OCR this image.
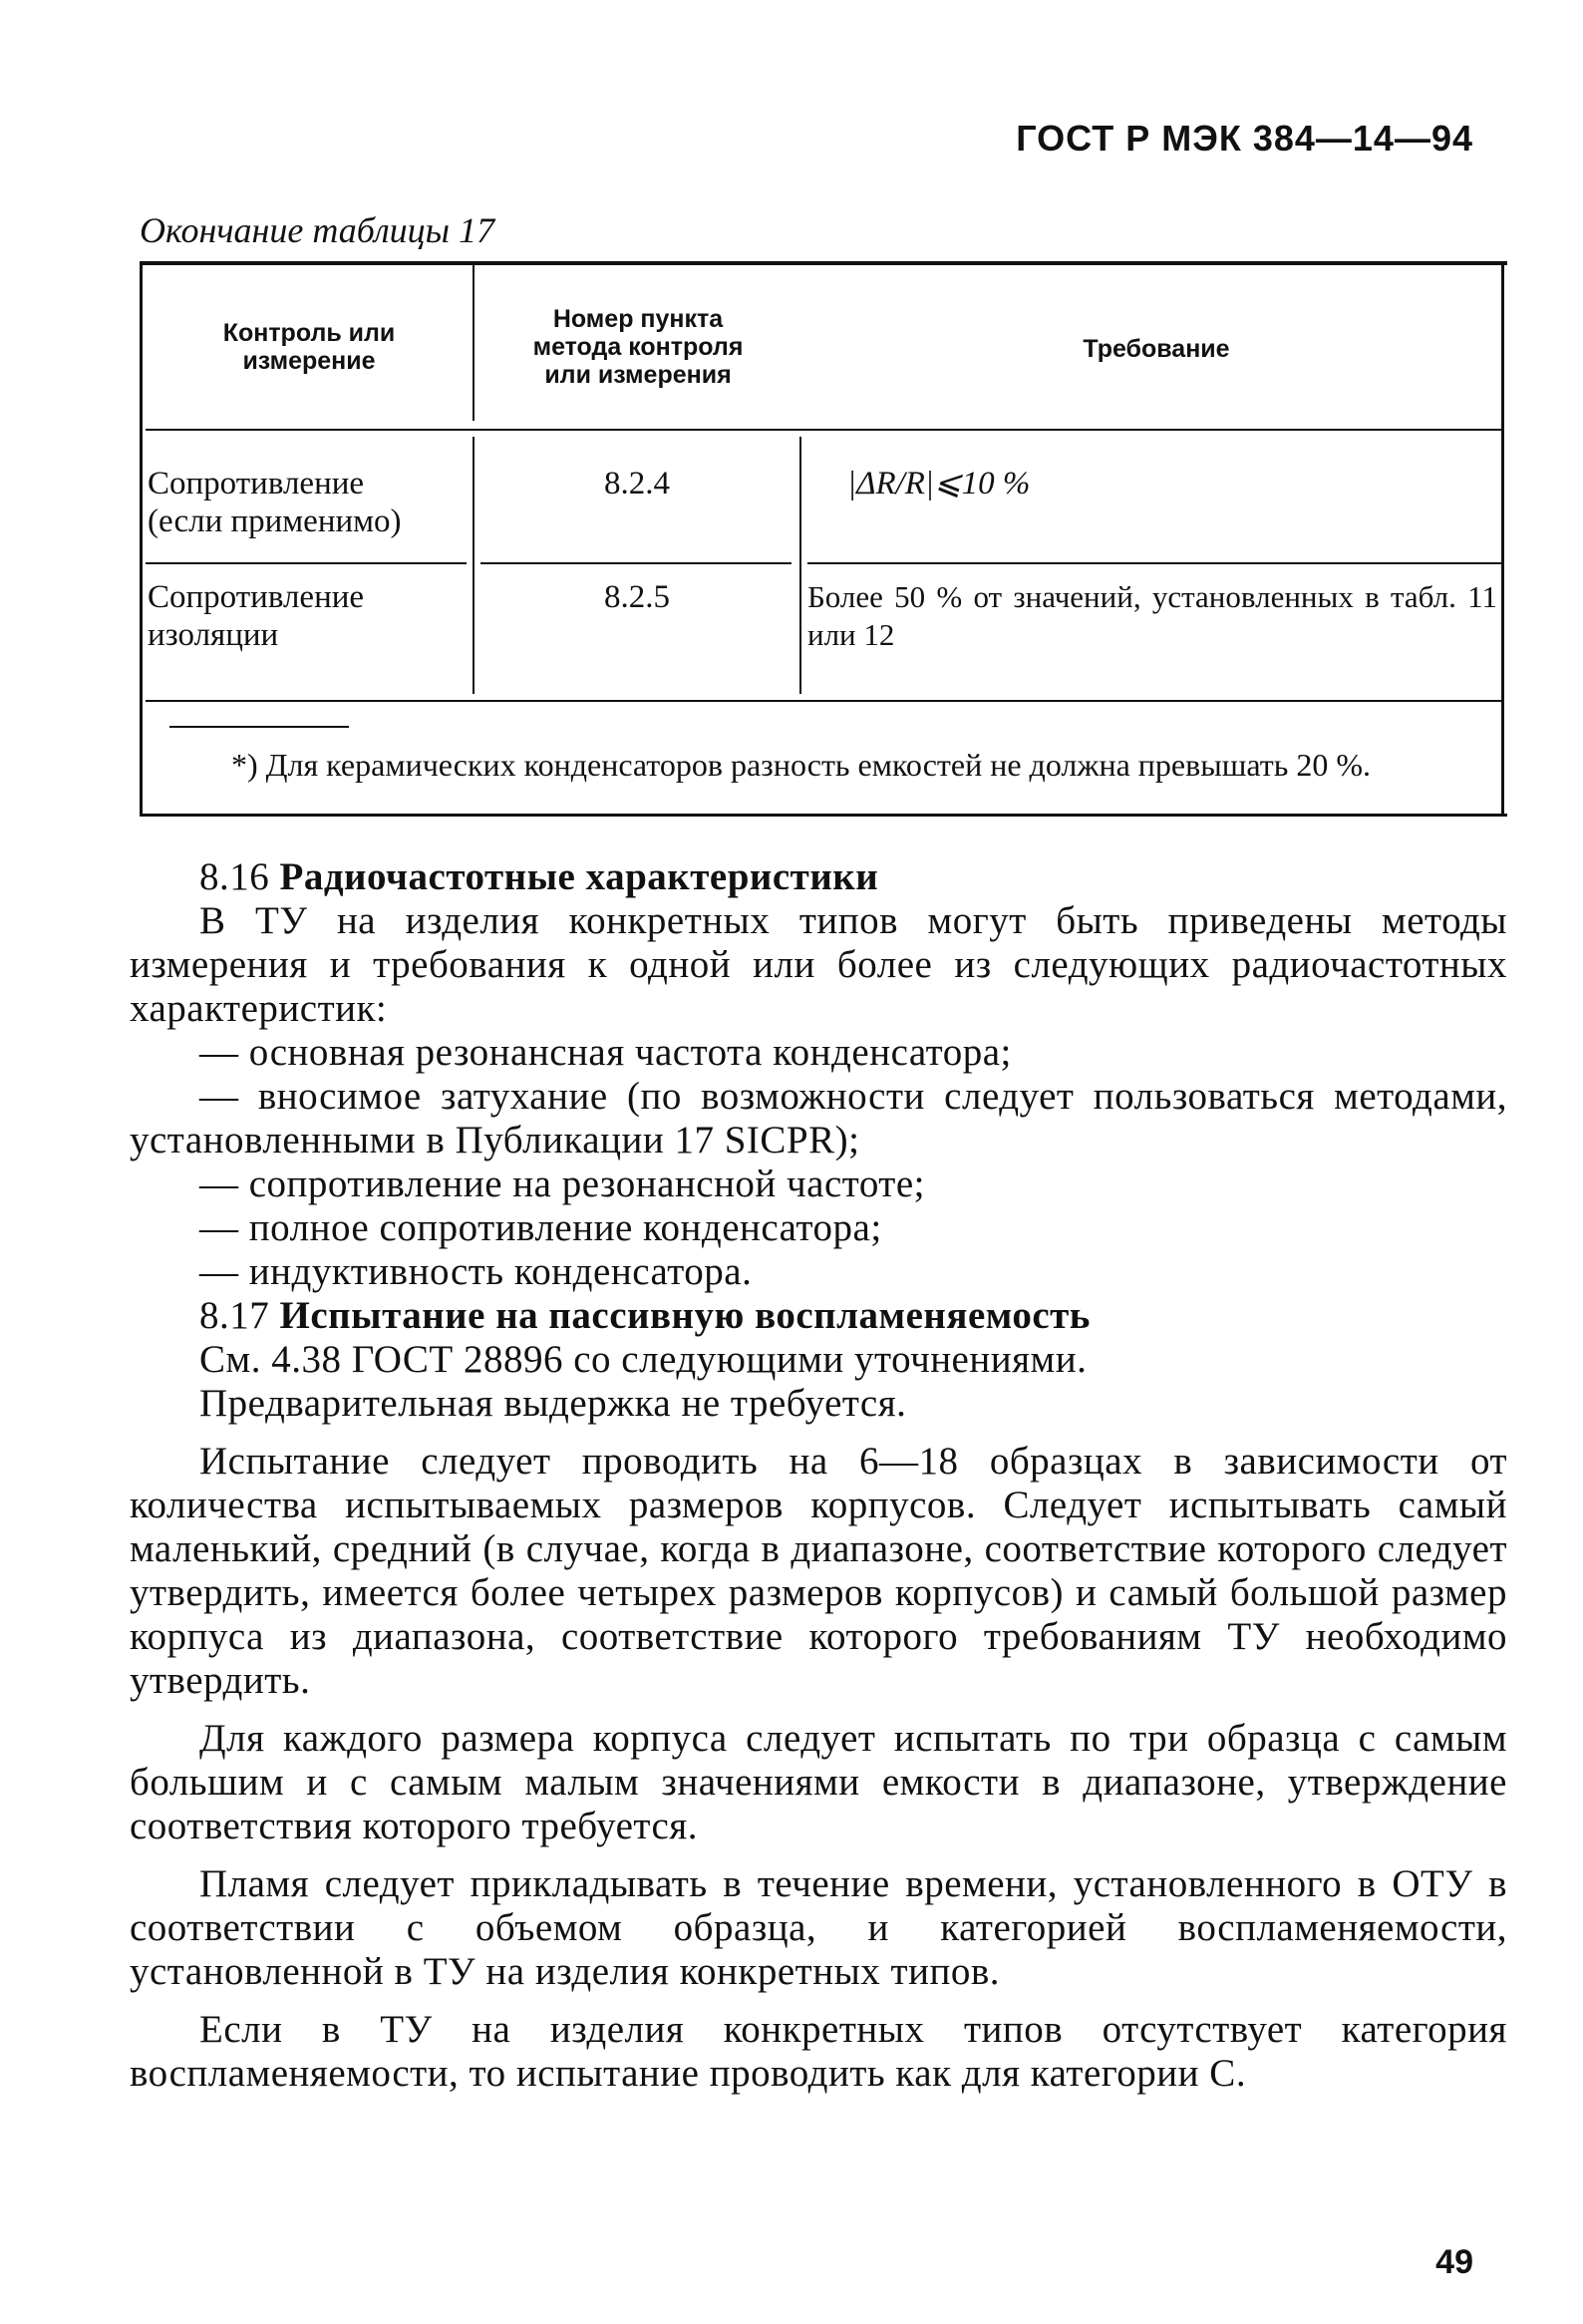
ГОСТ Р МЭК 384—14—94
Окончание таблицы 17
Контроль или измерение
Номер пункта метода контроля или измерения
Требование
Сопротивление (если применимо)
8.2.4	|ΔR/R|⩽10 %
Сопротивление изоляции
8.2.5	Более 50 % от значений, установленных в табл. 11 или 12
*) Для керамических конденсаторов разность емкостей не должна превышать 20 %.

8.16 Радиочастотные характеристики

В ТУ на изделия конкретных типов могут быть приведены методы измерения и требования к одной или более из следующих радиочастотных характеристик:

— основная резонансная частота конденсатора;

— вносимое затухание (по возможности следует пользоваться методами, установленными в Публикации 17 SICPR);

— сопротивление на резонансной частоте;

— полное сопротивление конденсатора;

— индуктивность конденсатора.

8.17 Испытание на пассивную воспламеняемость

См. 4.38 ГОСТ 28896 со следующими уточнениями.

Предварительная выдержка не требуется.

Испытание следует проводить на 6—18 образцах в зависимости от количества испытываемых размеров корпусов. Следует испытывать самый маленький, средний (в случае, когда в диапазоне, соответствие которого следует утвердить, имеется более четырех размеров корпусов) и самый большой размер корпуса из диапазона, соответствие которого требованиям ТУ необходимо утвердить.

Для каждого размера корпуса следует испытать по три образца с самым большим и с самым малым значениями емкости в диапазоне, утверждение соответствия которого требуется.

Пламя следует прикладывать в течение времени, установленного в ОТУ в соответствии с объемом образца, и категорией воспламеняемости, установленной в ТУ на изделия конкретных типов.

Если в ТУ на изделия конкретных типов отсутствует категория воспламеняемости, то испытание проводить как для категории С.

49
